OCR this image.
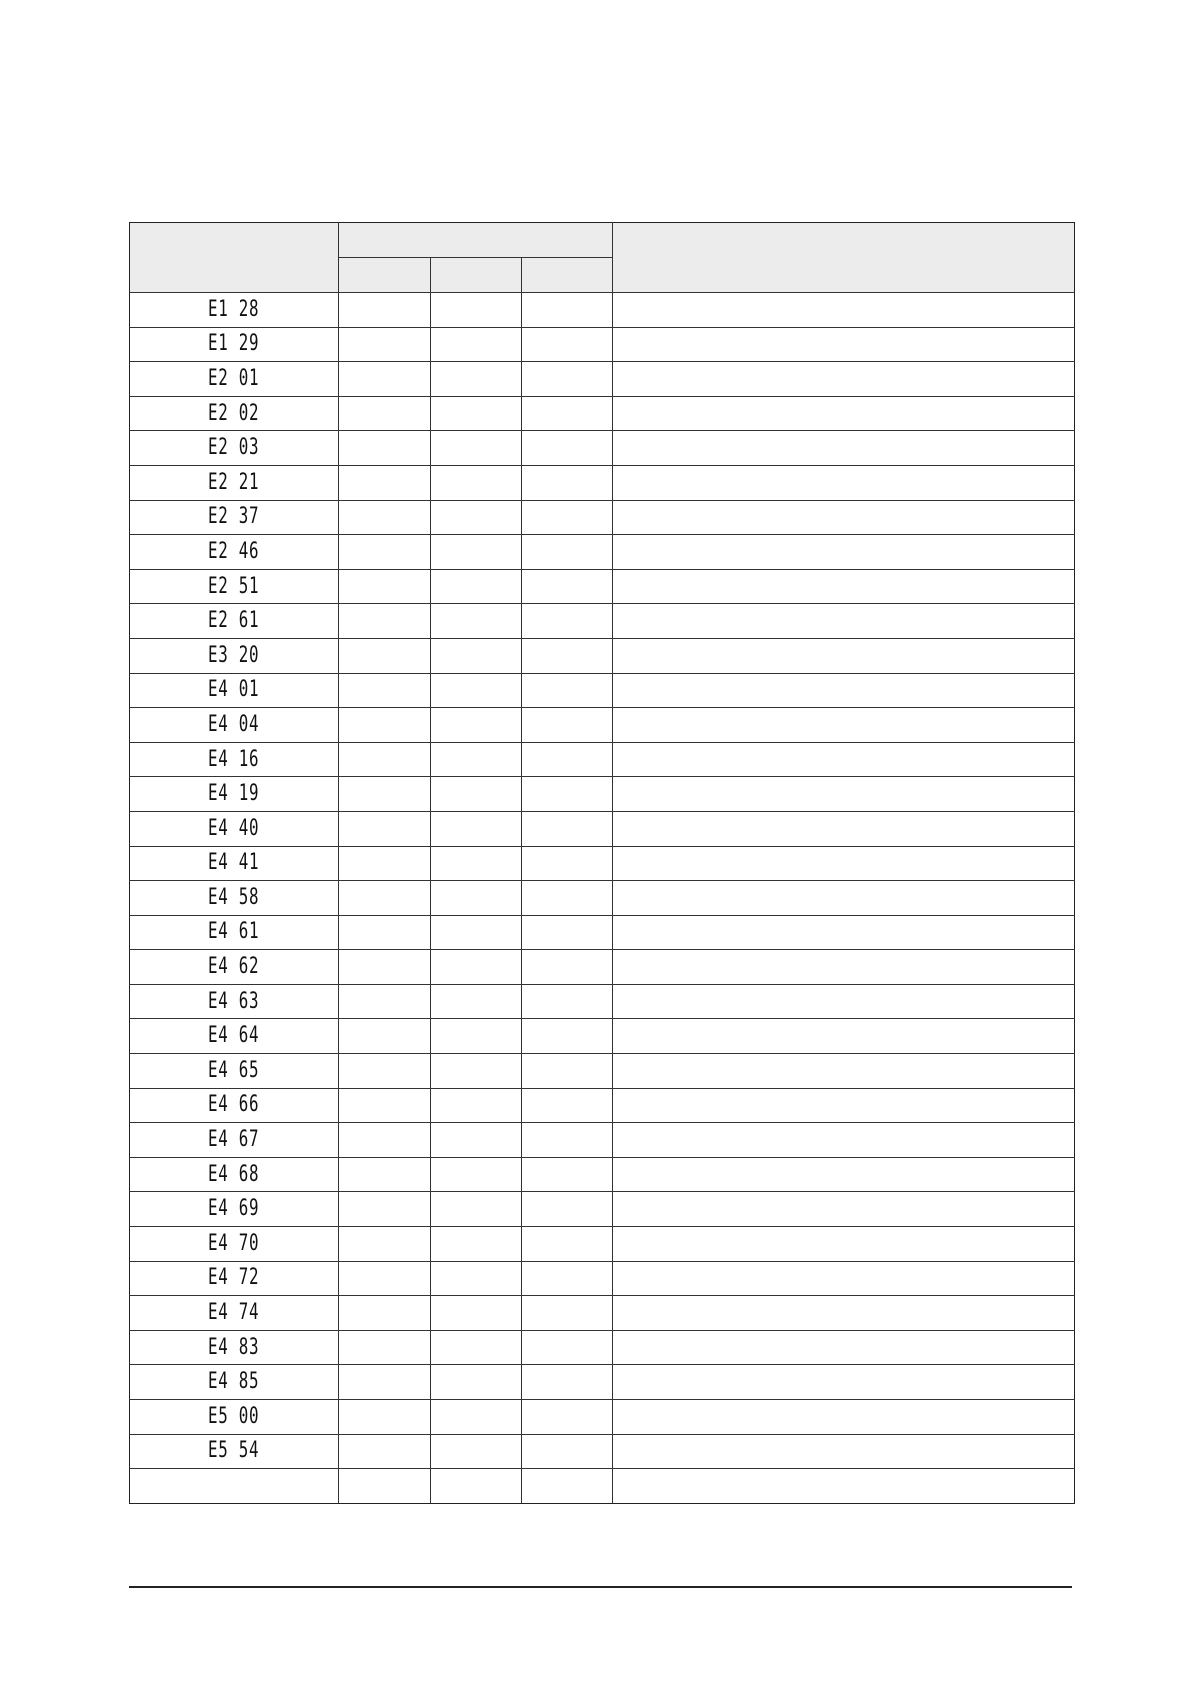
E1 28				
E1 29				
E2 01				
E2 02				
E2 03				
E2 21				
E2 37				
E2 46				
E2 51				
E2 61				
E3 20				
E4 01				
E4 04				
E4 16				
E4 19				
E4 40				
E4 41				
E4 58				
E4 61				
E4 62				
E4 63				
E4 64				
E4 65				
E4 66				
E4 67				
E4 68				
E4 69				
E4 70				
E4 72				
E4 74				
E4 83				
E4 85				
E5 00				
E5 54				
